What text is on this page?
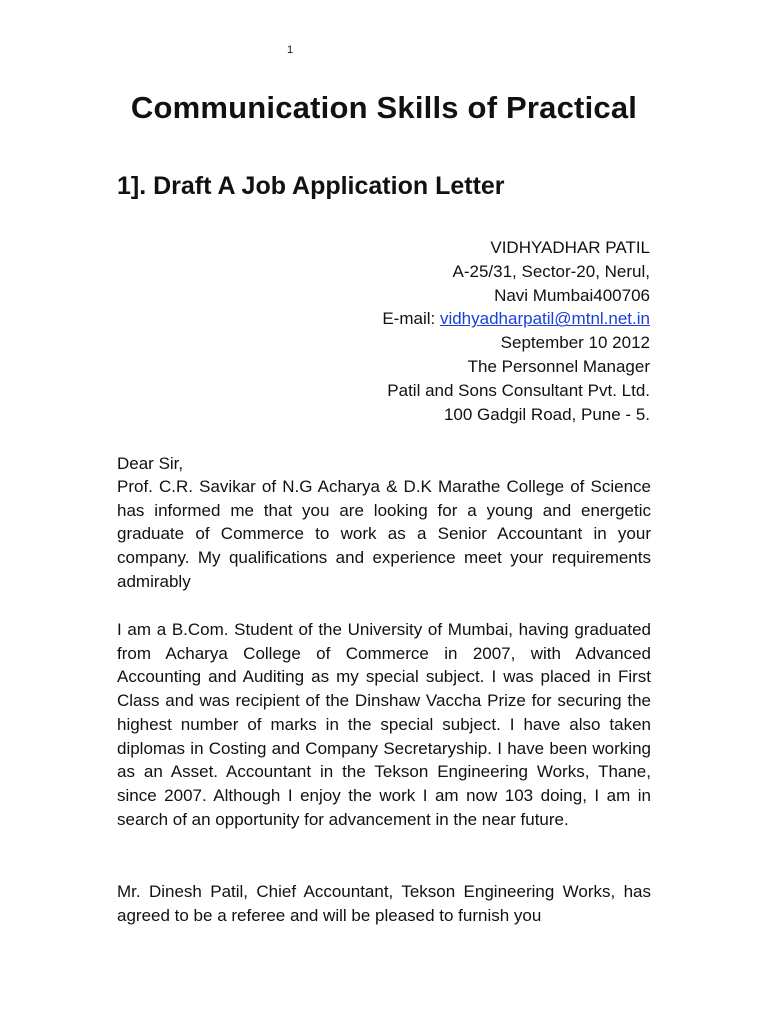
1
Communication Skills of Practical
1]. Draft A Job Application Letter
VIDHYADHAR PATIL
A-25/31, Sector-20, Nerul,
Navi Mumbai400706
E-mail: vidhyadharpatil@mtnl.net.in
September 10 2012
The Personnel Manager
Patil and Sons Consultant Pvt. Ltd.
100 Gadgil Road, Pune - 5.
Dear Sir,

Prof. C.R. Savikar of N.G Acharya & D.K Marathe College of Science has informed me that you are looking for a young and energetic graduate of Commerce to work as a Senior Accountant in your company. My qualifications and experience meet your requirements admirably

I am a B.Com. Student of the University of Mumbai, having graduated from Acharya College of Commerce in 2007, with Advanced Accounting and Auditing as my special subject. I was placed in First Class and was recipient of the Dinshaw Vaccha Prize for securing the highest number of marks in the special subject. I have also taken diplomas in Costing and Company Secretaryship. I have been working as an Asset. Accountant in the Tekson Engineering Works, Thane, since 2007. Although I enjoy the work I am now 103 doing, I am in search of an opportunity for advancement in the near future.

Mr. Dinesh Patil, Chief Accountant, Tekson Engineering Works, has agreed to be a referee and will be pleased to furnish you
